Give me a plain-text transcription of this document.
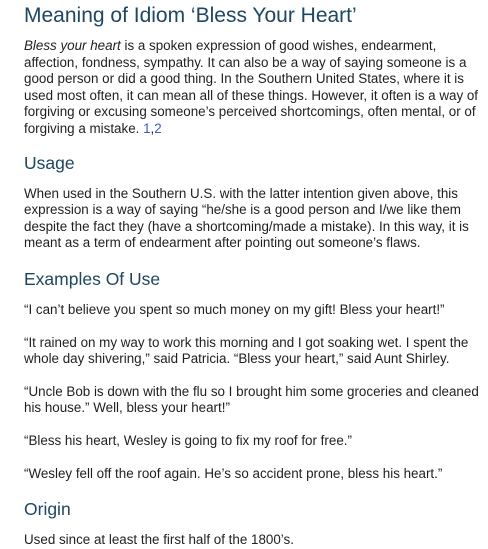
Meaning of Idiom ‘Bless Your Heart’

Bless your heart is a spoken expression of good wishes, endearment, affection, fondness, sympathy. It can also be a way of saying someone is a good person or did a good thing. In the Southern United States, where it is used most often, it can mean all of these things. However, it often is a way of forgiving or excusing someone’s perceived shortcomings, often mental, or of forgiving a mistake. 1,2

Usage

When used in the Southern U.S. with the latter intention given above, this expression is a way of saying “he/she is a good person and I/we like them despite the fact they (have a shortcoming/made a mistake). In this way, it is meant as a term of endearment after pointing out someone’s flaws.

Examples Of Use

“I can’t believe you spent so much money on my gift! Bless your heart!”

“It rained on my way to work this morning and I got soaking wet. I spent the whole day shivering,” said Patricia. “Bless your heart,” said Aunt Shirley.

“Uncle Bob is down with the flu so I brought him some groceries and cleaned his house.” Well, bless your heart!”

“Bless his heart, Wesley is going to fix my roof for free.”

“Wesley fell off the roof again. He’s so accident prone, bless his heart.”

Origin

Used since at least the first half of the 1800’s.
